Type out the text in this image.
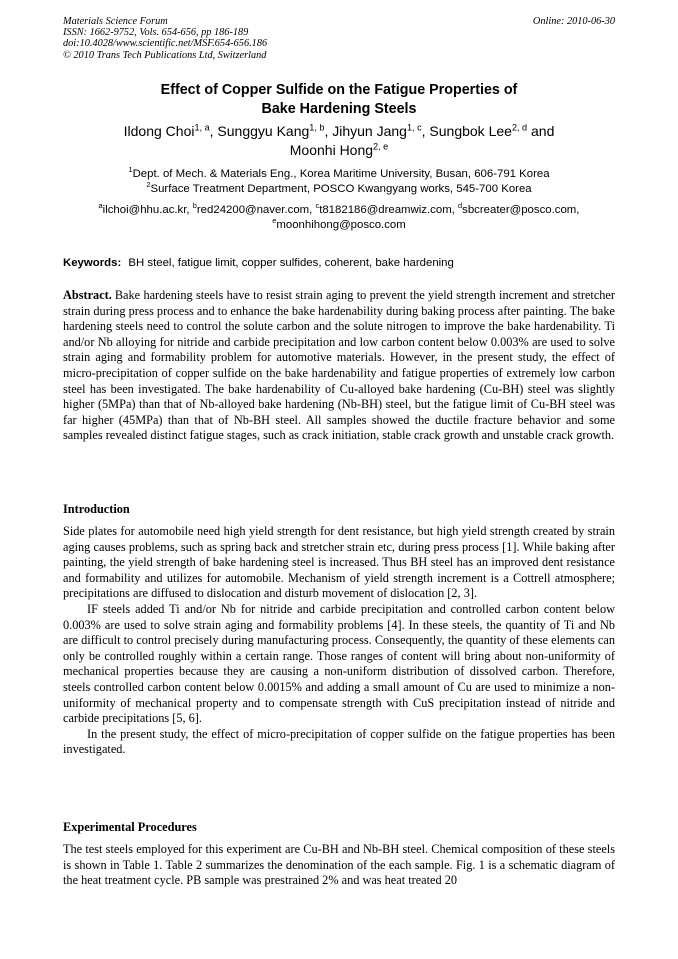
Materials Science Forum
ISSN: 1662-9752, Vols. 654-656, pp 186-189
doi:10.4028/www.scientific.net/MSF.654-656.186
© 2010 Trans Tech Publications Ltd, Switzerland
Online: 2010-06-30
Effect of Copper Sulfide on the Fatigue Properties of
Bake Hardening Steels
Ildong Choi$^{1, a}$, Sunggyu Kang$^{1, b}$, Jihyun Jang$^{1, c}$, Sungbok Lee$^{2, d}$ and
Moonhi Hong$^{2, e}$
$^1$Dept. of Mech. & Materials Eng., Korea Maritime University, Busan, 606-791 Korea
$^2$Surface Treatment Department, POSCO Kwangyang works, 545-700 Korea
$^a$ilchoi@hhu.ac.kr, $^b$red24200@naver.com, $^c$t8182186@dreamwiz.com, $^d$sbcreater@posco.com,
$^e$moonhihong@posco.com
Keywords: BH steel, fatigue limit, copper sulfides, coherent, bake hardening
Abstract. Bake hardening steels have to resist strain aging to prevent the yield strength increment and stretcher strain during press process and to enhance the bake hardenability during baking process after painting. The bake hardening steels need to control the solute carbon and the solute nitrogen to improve the bake hardenability. Ti and/or Nb alloying for nitride and carbide precipitation and low carbon content below 0.003% are used to solve strain aging and formability problem for automotive materials. However, in the present study, the effect of micro-precipitation of copper sulfide on the bake hardenability and fatigue properties of extremely low carbon steel has been investigated. The bake hardenability of Cu-alloyed bake hardening (Cu-BH) steel was slightly higher (5MPa) than that of Nb-alloyed bake hardening (Nb-BH) steel, but the fatigue limit of Cu-BH steel was far higher (45MPa) than that of Nb-BH steel. All samples showed the ductile fracture behavior and some samples revealed distinct fatigue stages, such as crack initiation, stable crack growth and unstable crack growth.
Introduction

Side plates for automobile need high yield strength for dent resistance, but high yield strength created by strain aging causes problems, such as spring back and stretcher strain etc, during press process [1]. While baking after painting, the yield strength of bake hardening steel is increased. Thus BH steel has an improved dent resistance and formability and utilizes for automobile. Mechanism of yield strength increment is a Cottrell atmosphere; precipitations are diffused to dislocation and disturb movement of dislocation [2, 3].

IF steels added Ti and/or Nb for nitride and carbide precipitation and controlled carbon content below 0.003% are used to solve strain aging and formability problems [4]. In these steels, the quantity of Ti and Nb are difficult to control precisely during manufacturing process. Consequently, the quantity of these elements can only be controlled roughly within a certain range. Those ranges of content will bring about non-uniformity of mechanical properties because they are causing a non-uniform distribution of dissolved carbon. Therefore, steels controlled carbon content below 0.0015% and adding a small amount of Cu are used to minimize a non-uniformity of mechanical property and to compensate strength with CuS precipitation instead of nitride and carbide precipitations [5, 6].

In the present study, the effect of micro-precipitation of copper sulfide on the fatigue properties has been investigated.

Experimental Procedures

The test steels employed for this experiment are Cu-BH and Nb-BH steel. Chemical composition of these steels is shown in Table 1. Table 2 summarizes the denomination of the each sample. Fig. 1 is a schematic diagram of the heat treatment cycle. PB sample was prestrained 2% and was heat treated 20
